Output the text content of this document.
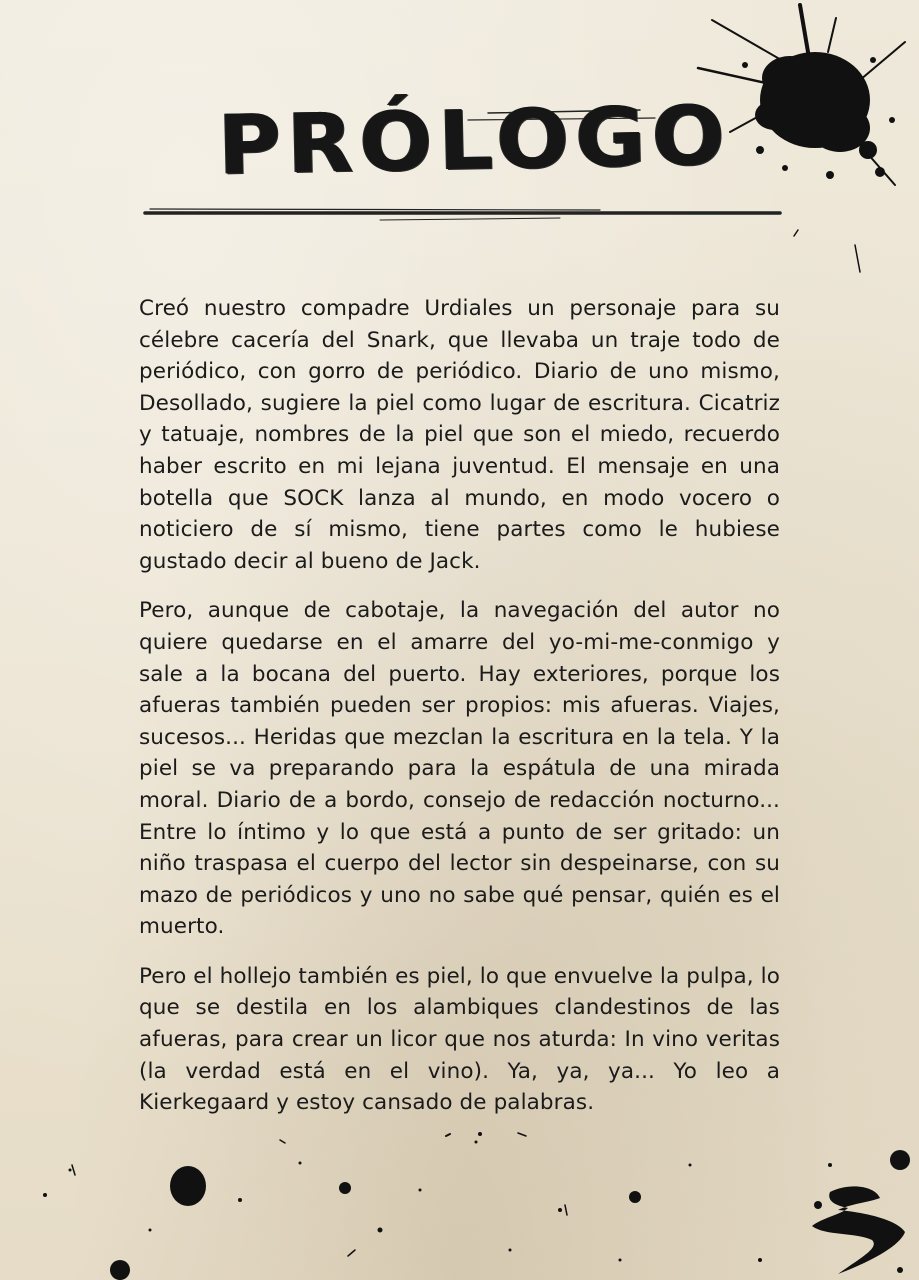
PRÓLOGO

Creó nuestro compadre Urdiales un personaje para su célebre cacería del Snark, que llevaba un traje todo de periódico, con gorro de periódico. Diario de uno mismo, Desollado, sugiere la piel como lugar de escritura. Cicatriz y tatuaje, nombres de la piel que son el miedo, recuerdo haber escrito en mi lejana juventud. El mensaje en una botella que SOCK lanza al mundo, en modo vocero o noticiero de sí mismo, tiene partes como le hubiese gustado decir al bueno de Jack.

Pero, aunque de cabotaje, la navegación del autor no quiere quedarse en el amarre del yo-mi-me-conmigo y sale a la bocana del puerto. Hay exteriores, porque los afueras también pueden ser propios: mis afueras. Viajes, sucesos... Heridas que mezclan la escritura en la tela. Y la piel se va preparando para la espátula de una mirada moral. Diario de a bordo, consejo de redacción nocturno... Entre lo íntimo y lo que está a punto de ser gritado: un niño traspasa el cuerpo del lector sin despeinarse, con su mazo de periódicos y uno no sabe qué pensar, quién es el muerto.

Pero el hollejo también es piel, lo que envuelve la pulpa, lo que se destila en los alambiques clandestinos de las afueras, para crear un licor que nos aturda: In vino veritas (la verdad está en el vino). Ya, ya, ya... Yo leo a Kierkegaard y estoy cansado de palabras.
